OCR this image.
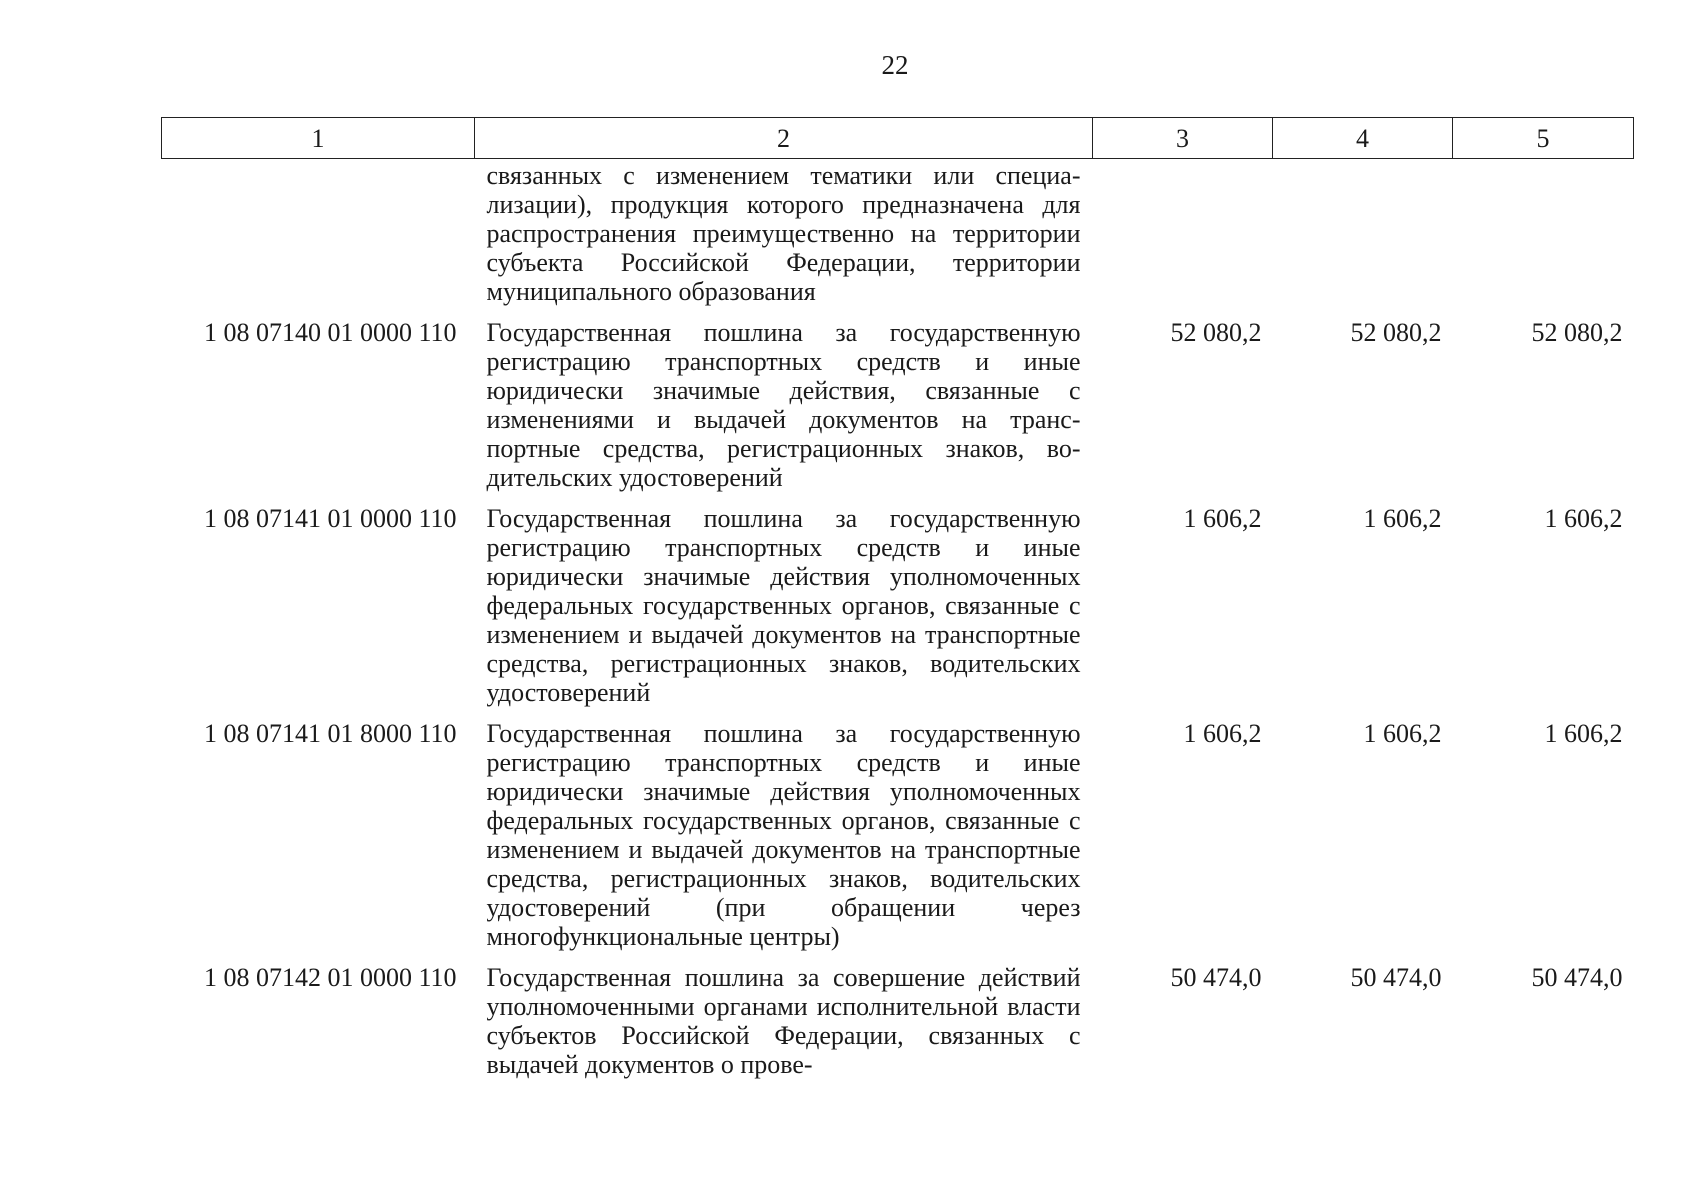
22
1	2	3	4	5
	связанных с изменением тематики или специализации), продукция которого предназначена для распространения преимущественно на территории субъекта Российской Федерации, территории муниципального образования			
1 08 07140 01 0000 110	Государственная пошлина за государственную регистрацию транспортных средств и иные юридически значимые действия, связанные с изменениями и выдачей документов на транспортные средства, регистрационных знаков, водительских удостоверений	52 080,2	52 080,2	52 080,2
1 08 07141 01 0000 110	Государственная пошлина за государственную регистрацию транспортных средств и иные юридически значимые действия уполномоченных федеральных государственных органов, связанные с изменением и выдачей документов на транспортные средства, регистрационных знаков, водительских удостоверений	1 606,2	1 606,2	1 606,2
1 08 07141 01 8000 110	Государственная пошлина за государственную регистрацию транспортных средств и иные юридически значимые действия уполномоченных федеральных государственных органов, связанные с изменением и выдачей документов на транспортные средства, регистрационных знаков, водительских удостоверений (при обращении через многофункциональные центры)	1 606,2	1 606,2	1 606,2
1 08 07142 01 0000 110	Государственная пошлина за совершение действий уполномоченными органами исполнительной власти субъектов Российской Федерации, связанных с выдачей документов о прове-	50 474,0	50 474,0	50 474,0
